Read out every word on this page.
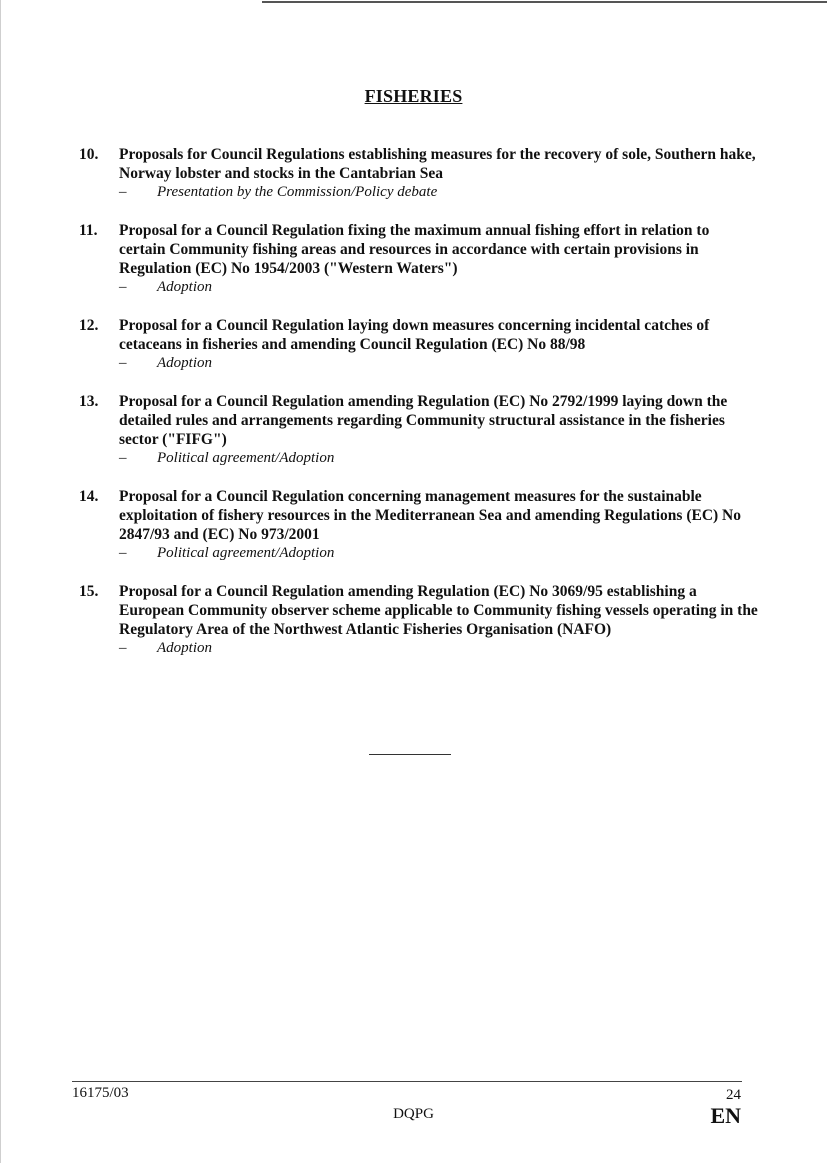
FISHERIES
10. Proposals for Council Regulations establishing measures for the recovery of sole, Southern hake, Norway lobster and stocks in the Cantabrian Sea
–	Presentation by the Commission/Policy debate
11. Proposal for a Council Regulation fixing the maximum annual fishing effort in relation to certain Community fishing areas and resources in accordance with certain provisions in Regulation (EC) No 1954/2003 ("Western Waters")
–	Adoption
12. Proposal for a Council Regulation laying down measures concerning incidental catches of cetaceans in fisheries and amending Council Regulation (EC) No 88/98
–	Adoption
13. Proposal for a Council Regulation amending Regulation (EC) No 2792/1999 laying down the detailed rules and arrangements regarding Community structural assistance in the fisheries sector ("FIFG")
–	Political agreement/Adoption
14. Proposal for a Council Regulation concerning management measures for the sustainable exploitation of fishery resources in the Mediterranean Sea and amending Regulations (EC) No 2847/93 and (EC) No 973/2001
–	Political agreement/Adoption
15. Proposal for a Council Regulation amending Regulation (EC) No 3069/95 establishing a European Community observer scheme applicable to Community fishing vessels operating in the Regulatory Area of the Northwest Atlantic Fisheries Organisation (NAFO)
–	Adoption
16175/03	24
DQPG	EN
